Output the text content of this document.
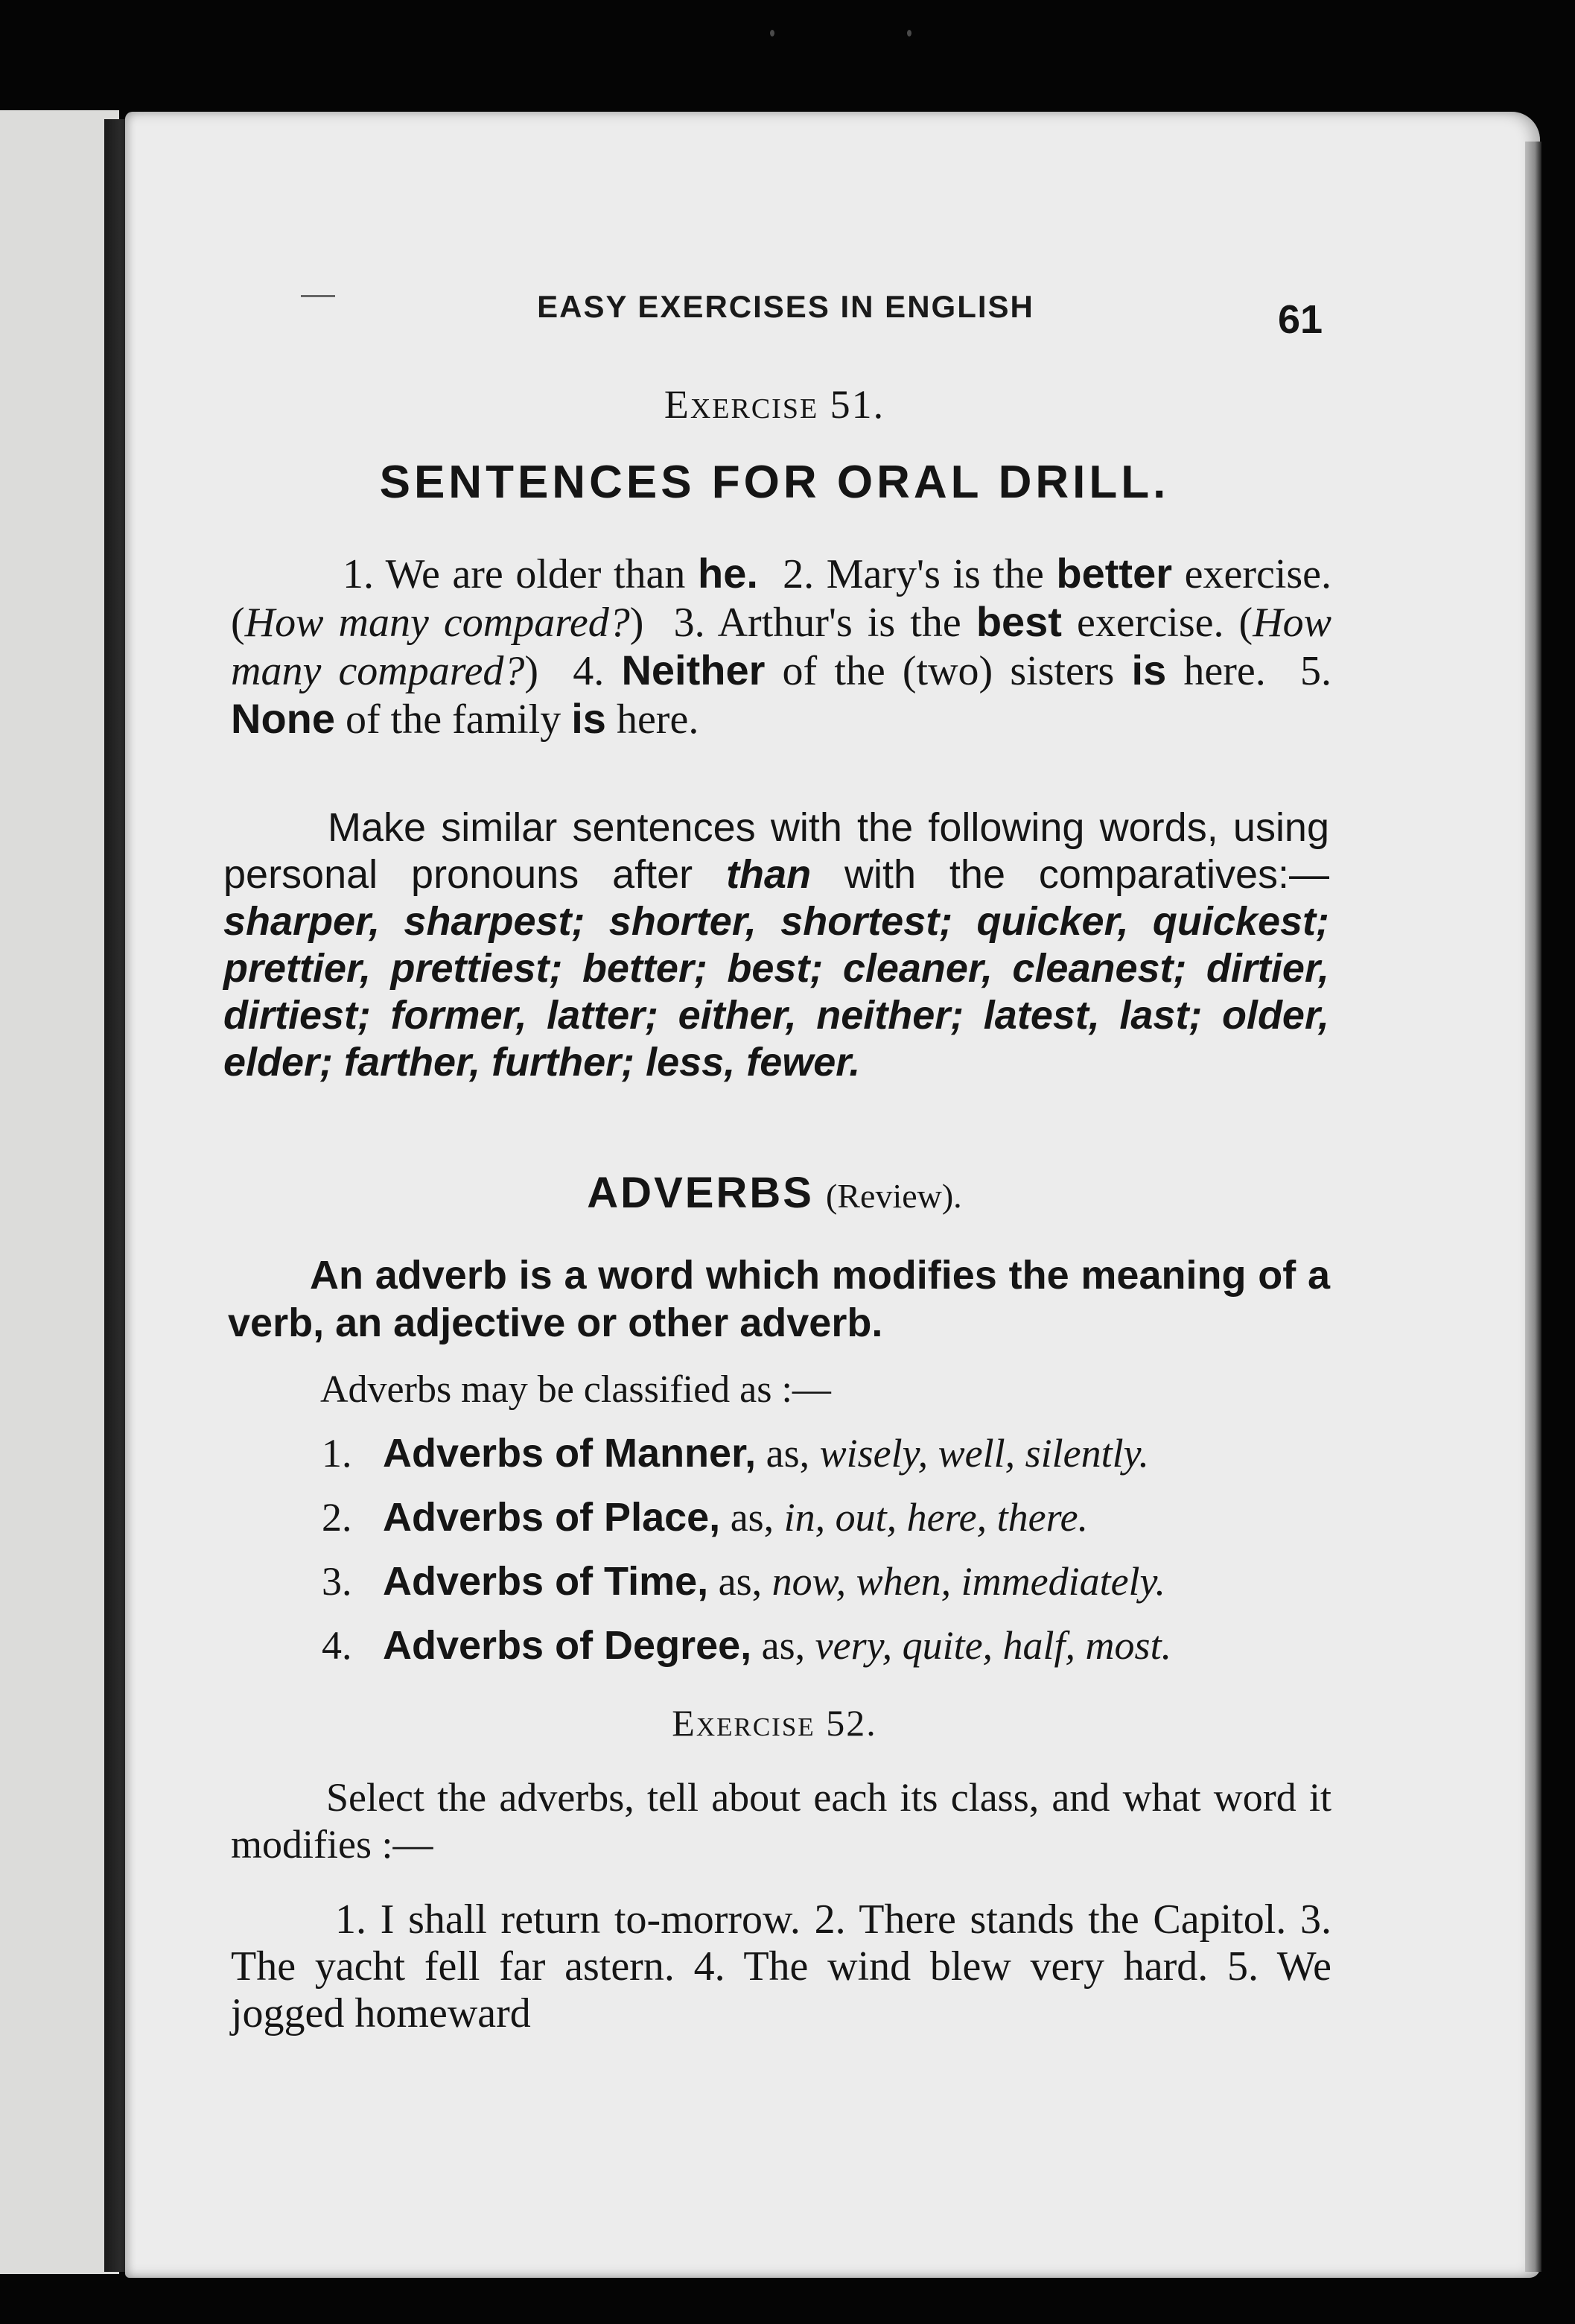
EASY EXERCISES IN ENGLISH	61
Exercise 51.
SENTENCES FOR ORAL DRILL.
1. We are older than he. 2. Mary's is the better exercise. (How many compared?) 3. Arthur's is the best exercise. (How many compared?) 4. Neither of the (two) sisters is here. 5. None of the family is here.
Make similar sentences with the following words, using personal pronouns after than with the comparatives:— sharper, sharpest; shorter, shortest; quicker, quickest; prettier, prettiest; better; best; cleaner, cleanest; dirtier, dirtiest; former, latter; either, neither; latest, last; older, elder; farther, further; less, fewer.
ADVERBS (Review).
An adverb is a word which modifies the meaning of a verb, an adjective or other adverb.
Adverbs may be classified as :—
1. Adverbs of Manner, as, wisely, well, silently.
2. Adverbs of Place, as, in, out, here, there.
3. Adverbs of Time, as, now, when, immediately.
4. Adverbs of Degree, as, very, quite, half, most.
Exercise 52.
Select the adverbs, tell about each its class, and what word it modifies :—
1. I shall return to-morrow. 2. There stands the Capitol. 3. The yacht fell far astern. 4. The wind blew very hard. 5. We jogged homeward
